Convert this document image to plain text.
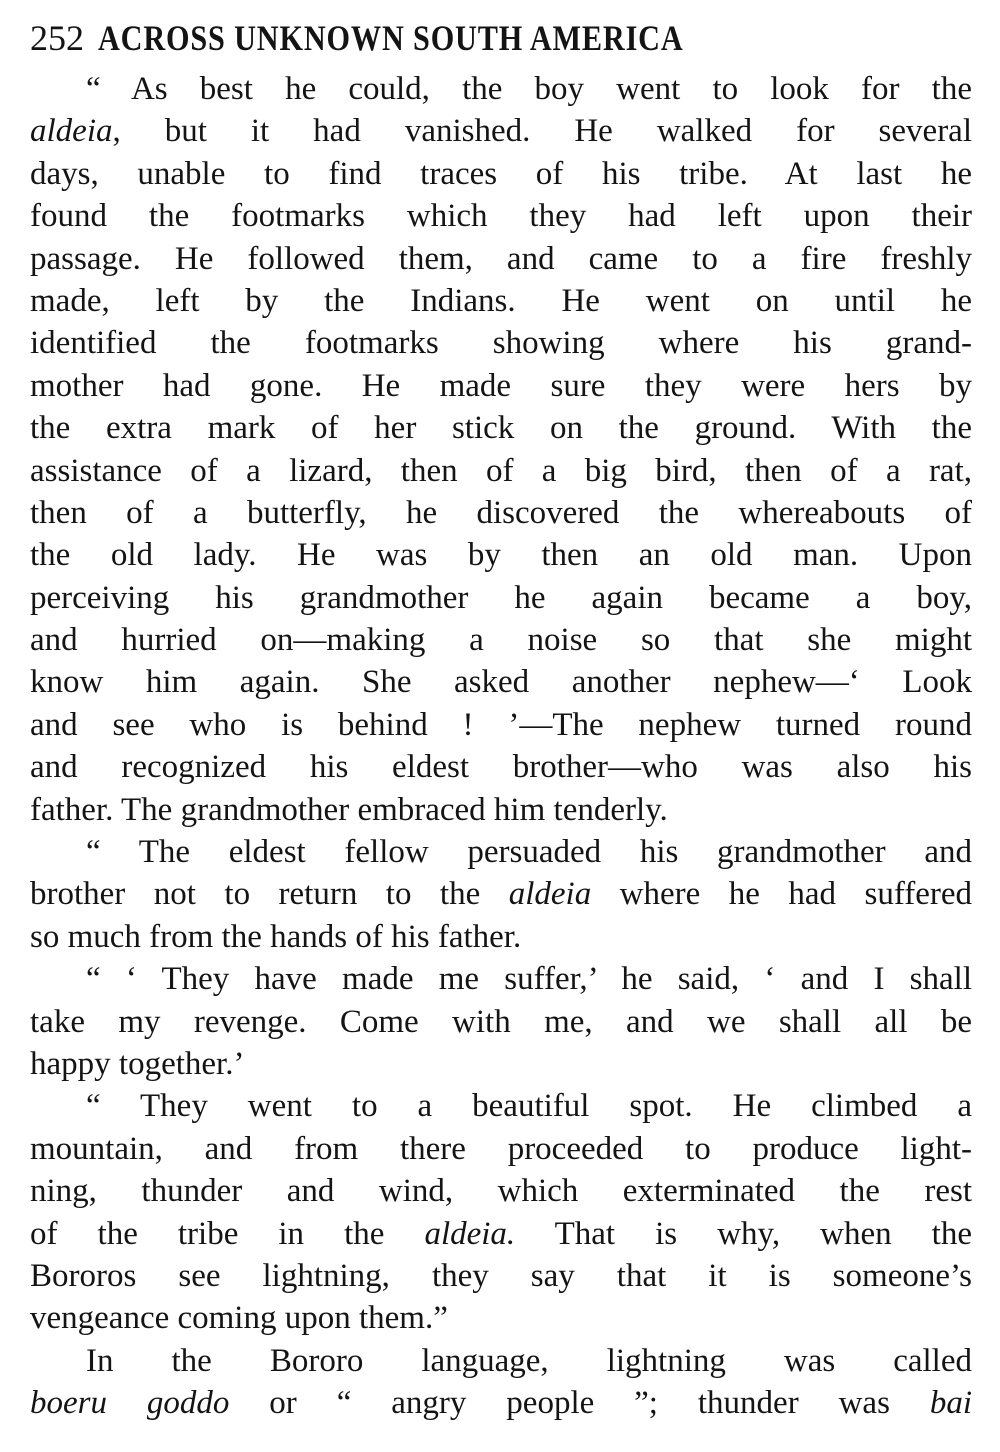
252 ACROSS UNKNOWN SOUTH AMERICA
“ As best he could, the boy went to look for the
aldeia, but it had vanished. He walked for several
days, unable to find traces of his tribe. At last he
found the footmarks which they had left upon their
passage. He followed them, and came to a fire freshly
made, left by the Indians. He went on until he
identified the footmarks showing where his grand-
mother had gone. He made sure they were hers by
the extra mark of her stick on the ground. With the
assistance of a lizard, then of a big bird, then of a rat,
then of a butterfly, he discovered the whereabouts of
the old lady. He was by then an old man. Upon
perceiving his grandmother he again became a boy,
and hurried on—making a noise so that she might
know him again. She asked another nephew—‘ Look
and see who is behind ! ’—The nephew turned round
and recognized his eldest brother—who was also his
father. The grandmother embraced him tenderly.
“ The eldest fellow persuaded his grandmother and
brother not to return to the aldeia where he had suffered
so much from the hands of his father.
“ ‘ They have made me suffer,’ he said, ‘ and I shall
take my revenge. Come with me, and we shall all be
happy together.’
“ They went to a beautiful spot. He climbed a
mountain, and from there proceeded to produce light-
ning, thunder and wind, which exterminated the rest
of the tribe in the aldeia. That is why, when the
Bororos see lightning, they say that it is someone’s
vengeance coming upon them.”
In the Bororo language, lightning was called
boeru goddo or “ angry people ”; thunder was bai
